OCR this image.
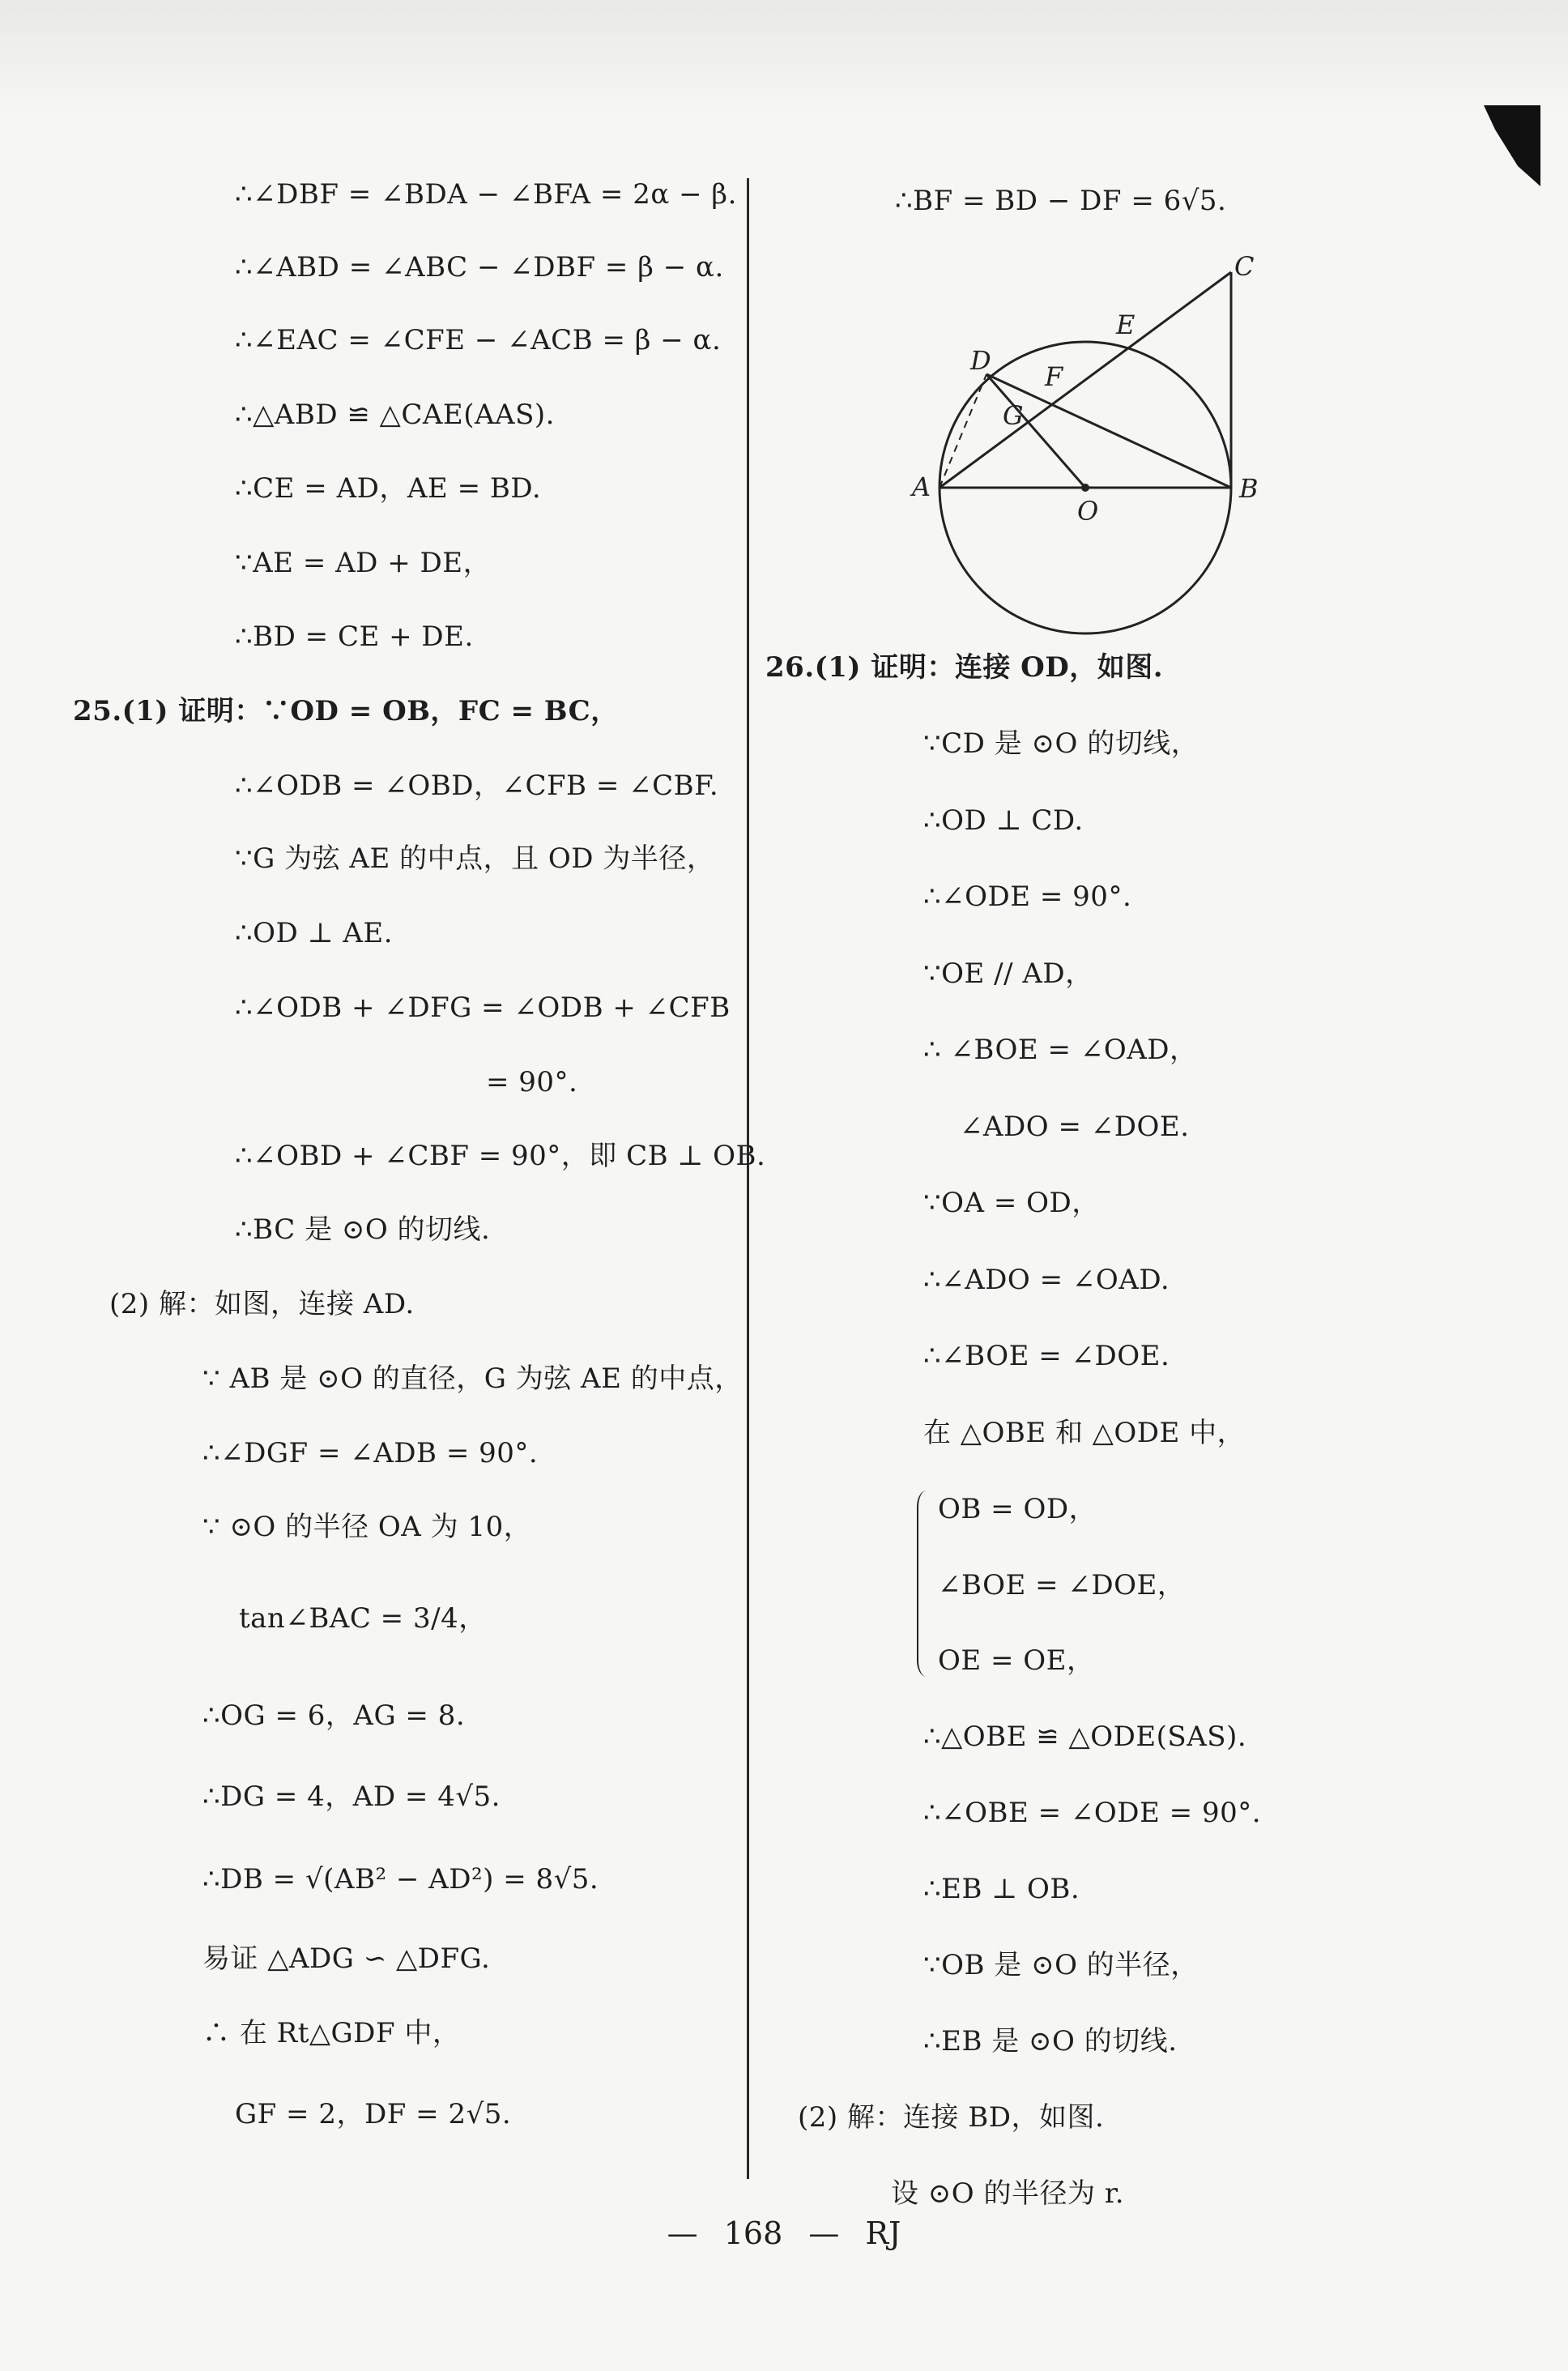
∴∠DBF = ∠BDA − ∠BFA = 2α − β.
∴∠ABD = ∠ABC − ∠DBF = β − α.
∴∠EAC = ∠CFE − ∠ACB = β − α.
∴△ABD ≌ △CAE(AAS).
∴CE = AD，AE = BD.
∵AE = AD + DE，
∴BD = CE + DE.
25.(1) 证明：∵OD = OB，FC = BC，
∴∠ODB = ∠OBD，∠CFB = ∠CBF.
∵G 为弦 AE 的中点，且 OD 为半径，
∴OD ⊥ AE.
∴∠ODB + ∠DFG = ∠ODB + ∠CFB
= 90°.
∴∠OBD + ∠CBF = 90°，即 CB ⊥ OB.
∴BC 是 ⊙O 的切线.
(2) 解：如图，连接 AD.
∵ AB 是 ⊙O 的直径，G 为弦 AE 的中点，
∴∠DGF = ∠ADB = 90°.
∵ ⊙O 的半径 OA 为 10，
tan∠BAC = 3/4，
∴OG = 6，AG = 8.
∴DG = 4，AD = 4√5.
∴DB = √(AB² − AD²) = 8√5.
易证 △ADG ∽ △DFG.
∴ 在 Rt△GDF 中，
GF = 2，DF = 2√5.
∴BF = BD − DF = 6√5.
C
E
D
F
G
A
O
B
26.(1) 证明：连接 OD，如图.
∵CD 是 ⊙O 的切线，
∴OD ⊥ CD.
∴∠ODE = 90°.
∵OE // AD，
∴ ∠BOE = ∠OAD，
∠ADO = ∠DOE.
∵OA = OD，
∴∠ADO = ∠OAD.
∴∠BOE = ∠DOE.
在 △OBE 和 △ODE 中，
OB = OD，
∠BOE = ∠DOE，
OE = OE，
∴△OBE ≌ △ODE(SAS).
∴∠OBE = ∠ODE = 90°.
∴EB ⊥ OB.
∵OB 是 ⊙O 的半径，
∴EB 是 ⊙O 的切线.
(2) 解：连接 BD，如图.
设 ⊙O 的半径为 r.
— 168 — RJ
